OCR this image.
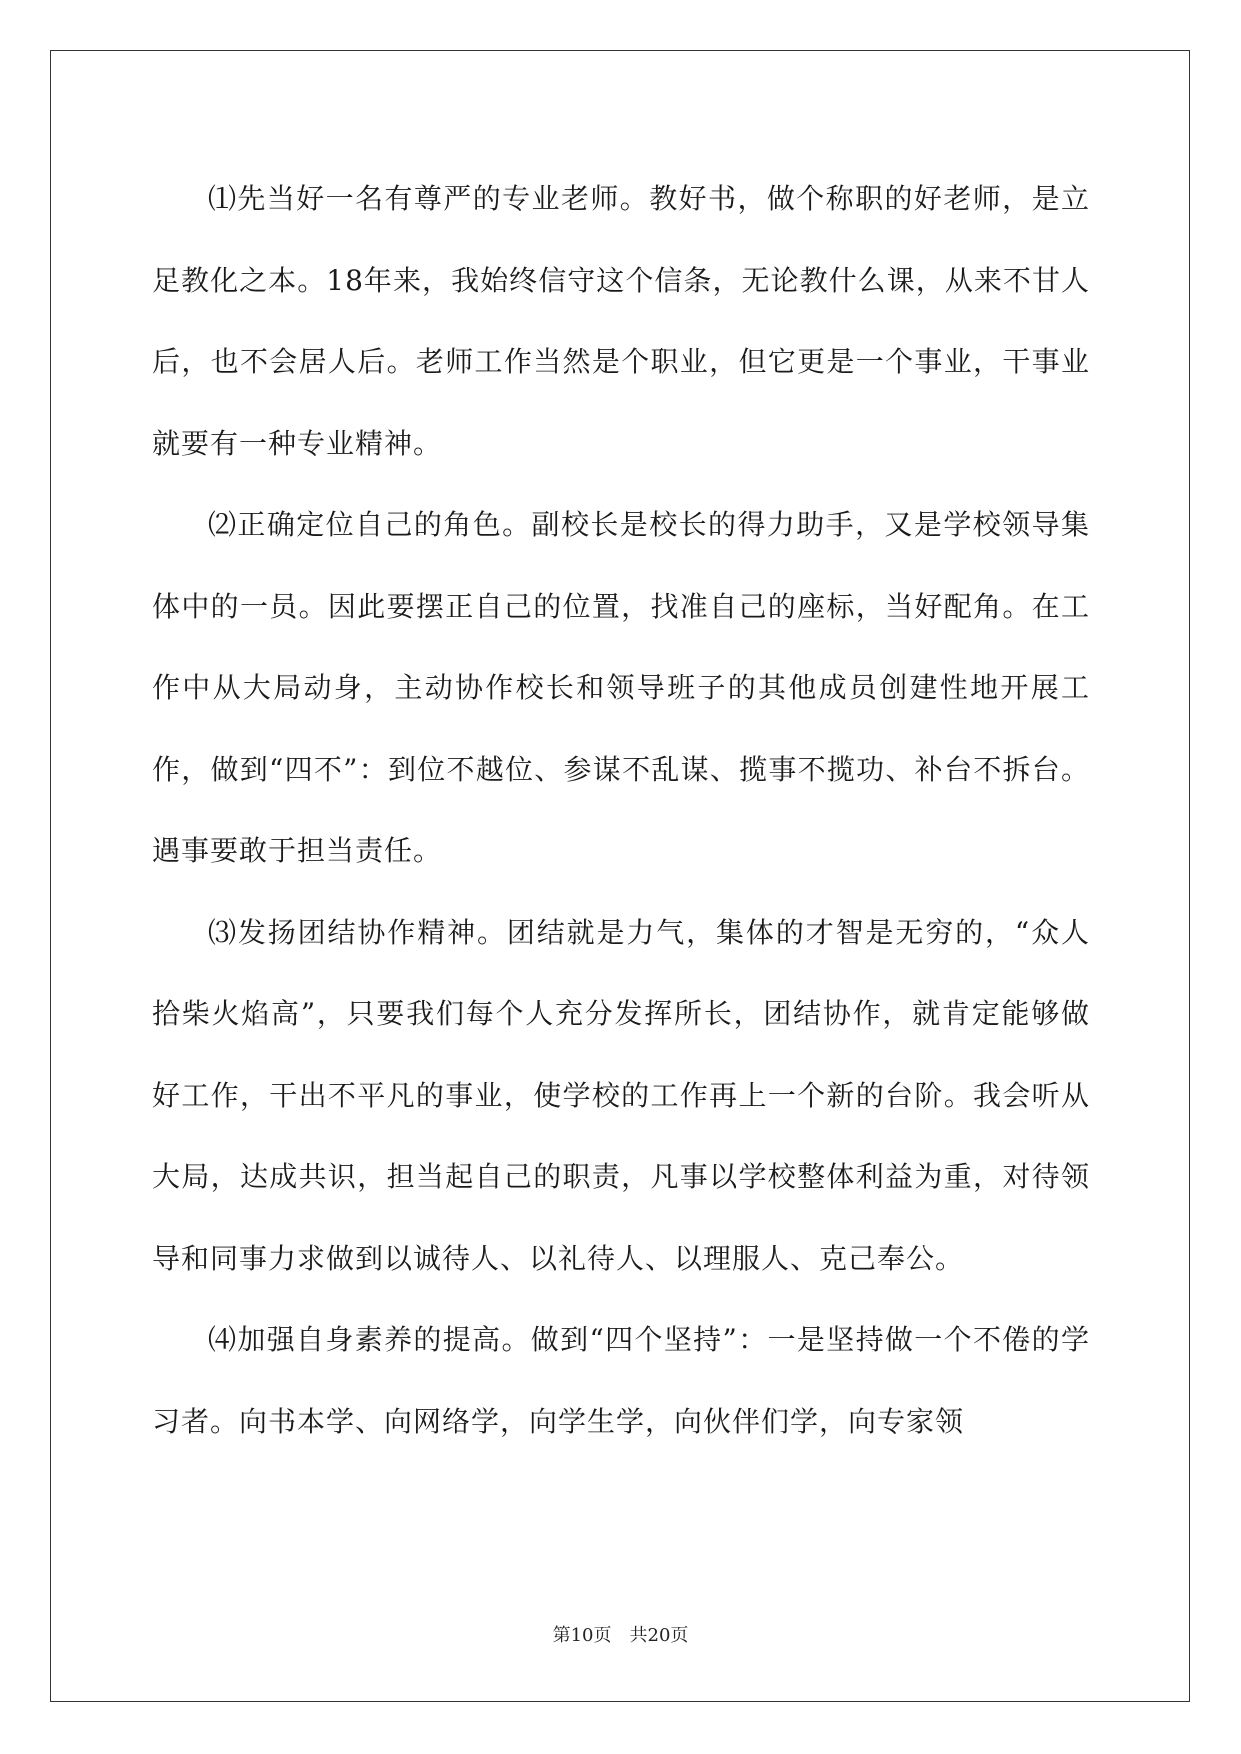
⑴先当好一名有尊严的专业老师。教好书，做个称职的好老师，是立足教化之本。18年来，我始终信守这个信条，无论教什么课，从来不甘人后，也不会居人后。老师工作当然是个职业，但它更是一个事业，干事业就要有一种专业精神。

⑵正确定位自己的角色。副校长是校长的得力助手，又是学校领导集体中的一员。因此要摆正自己的位置，找准自己的座标，当好配角。在工作中从大局动身，主动协作校长和领导班子的其他成员创建性地开展工作，做到“四不”：到位不越位、参谋不乱谋、揽事不揽功、补台不拆台。遇事要敢于担当责任。

⑶发扬团结协作精神。团结就是力气，集体的才智是无穷的，“众人拾柴火焰高”，只要我们每个人充分发挥所长，团结协作，就肯定能够做好工作，干出不平凡的事业，使学校的工作再上一个新的台阶。我会听从大局，达成共识，担当起自己的职责，凡事以学校整体利益为重，对待领导和同事力求做到以诚待人、以礼待人、以理服人、克己奉公。

⑷加强自身素养的提高。做到“四个坚持”：一是坚持做一个不倦的学习者。向书本学、向网络学，向学生学，向伙伴们学，向专家领

第10页 共20页
